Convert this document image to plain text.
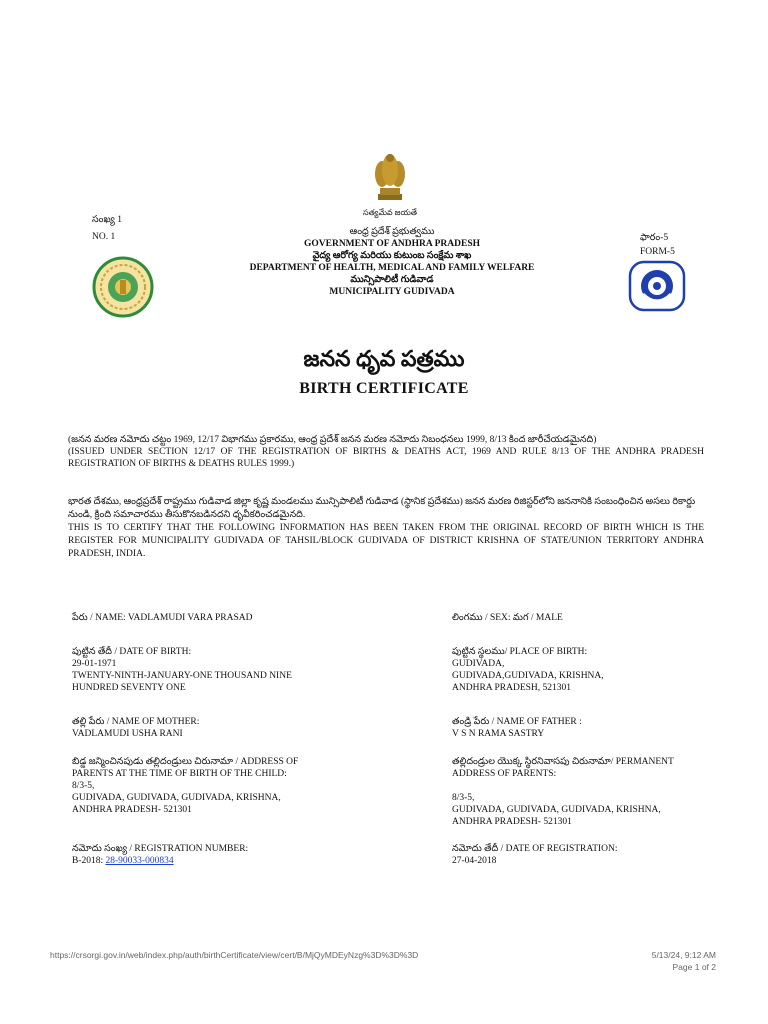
సత్యమేవ జయతే
సంఖ్య 1
NO. 1	ఫారం-5
FORM-5
ఆంధ్ర ప్రదేశ్ ప్రభుత్వము
GOVERNMENT OF ANDHRA PRADESH
వైద్య ఆరోగ్య మరియు కుటుంబ సంక్షేమ శాఖ
DEPARTMENT OF HEALTH, MEDICAL AND FAMILY WELFARE
మున్సిపాలిటీ గుడివాడ
MUNICIPALITY GUDIVADA
జనన ధృవ పత్రము
BIRTH CERTIFICATE
(జనన మరణ నమోదు చట్టం 1969, 12/17 విభాగము ప్రకారము, ఆంధ్ర ప్రదేశ్ జనన మరణ నమోదు నిబంధనలు 1999, 8/13 కింద జారీచేయడమైనది)
(ISSUED UNDER SECTION 12/17 OF THE REGISTRATION OF BIRTHS & DEATHS ACT, 1969 AND RULE 8/13 OF THE ANDHRA PRADESH REGISTRATION OF BIRTHS & DEATHS RULES 1999.)
భారత దేశము, ఆంధ్రప్రదేశ్ రాష్ట్రము గుడివాడ జిల్లా కృష్ణ మండలము మున్సిపాలిటీ గుడివాడ (స్థానిక ప్రదేశము) జనన మరణ రిజిస్టర్‌లోని జననానికి సంబంధించిన అసలు రికార్డు నుండి, క్రింది సమాచారము తీసుకొనబడినదని ధృవీకరించడమైనది.
THIS IS TO CERTIFY THAT THE FOLLOWING INFORMATION HAS BEEN TAKEN FROM THE ORIGINAL RECORD OF BIRTH WHICH IS THE REGISTER FOR MUNICIPALITY GUDIVADA OF TAHSIL/BLOCK GUDIVADA OF DISTRICT KRISHNA OF STATE/UNION TERRITORY ANDHRA PRADESH, INDIA.
పేరు / NAME: VADLAMUDI VARA PRASAD	లింగము / SEX: మగ / MALE
పుట్టిన తేదీ / DATE OF BIRTH:
29-01-1971
TWENTY-NINTH-JANUARY-ONE THOUSAND NINE HUNDRED SEVENTY ONE
పుట్టిన స్థలము/ PLACE OF BIRTH:
GUDIVADA,
GUDIVADA,GUDIVADA, KRISHNA,
ANDHRA PRADESH, 521301
తల్లి పేరు / NAME OF MOTHER:
VADLAMUDI USHA RANI
తండ్రి పేరు / NAME OF FATHER :
V S N RAMA SASTRY
బిడ్డ జన్మించినపుడు తల్లిదండ్రులు చిరునామా / ADDRESS OF PARENTS AT THE TIME OF BIRTH OF THE CHILD:
8/3-5,
GUDIVADA, GUDIVADA, GUDIVADA, KRISHNA,
ANDHRA PRADESH- 521301
తల్లిదండ్రుల యొక్క స్థిరనివాసపు చిరునామా/ PERMANENT ADDRESS OF PARENTS:
8/3-5,
GUDIVADA, GUDIVADA, GUDIVADA, KRISHNA,
ANDHRA PRADESH- 521301
నమోదు సంఖ్య / REGISTRATION NUMBER:
B-2018: 28-90033-000834
నమోదు తేదీ / DATE OF REGISTRATION:
27-04-2018
https://crsorgi.gov.in/web/index.php/auth/birthCertificate/view/cert/B/MjQyMDEyNzg%3D%3D%3D	5/13/24, 9:12 AM
Page 1 of 2
